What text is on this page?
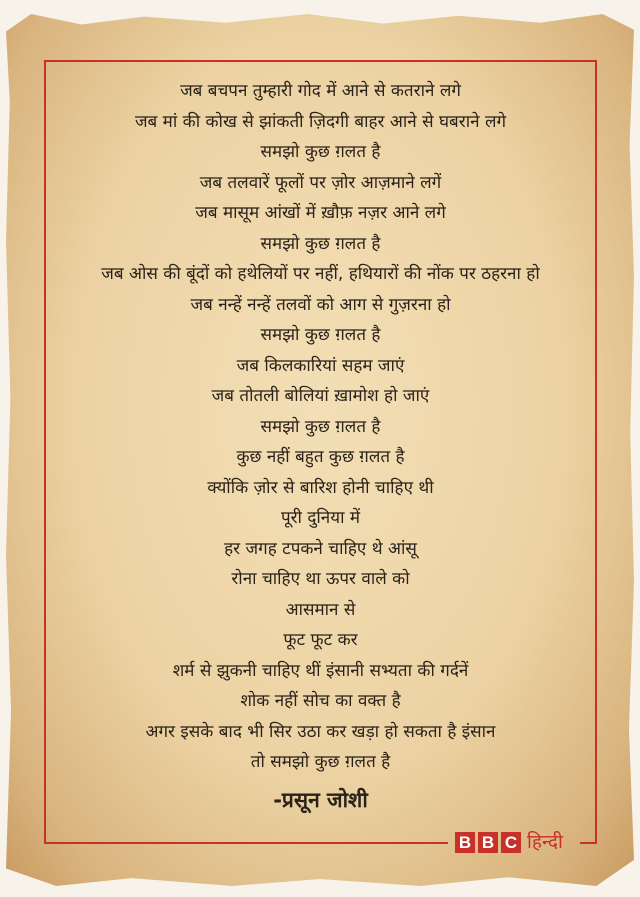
जब बचपन तुम्हारी गोद में आने से कतराने लगे
जब मां की कोख से झांकती ज़िदगी बाहर आने से घबराने लगे
समझो कुछ ग़लत है
जब तलवारें फूलों पर ज़ोर आज़माने लगें
जब मासूम आंखों में ख़ौफ़ नज़र आने लगे
समझो कुछ ग़लत है
जब ओस की बूंदों को हथेलियों पर नहीं, हथियारों की नोंक पर ठहरना हो
जब नन्हें नन्हें तलवों को आग से गुज़रना हो
समझो कुछ ग़लत है
जब किलकारियां सहम जाएं
जब तोतली बोलियां ख़ामोश हो जाएं
समझो कुछ ग़लत है
कुछ नहीं बहुत कुछ ग़लत है
क्योंकि ज़ोर से बारिश होनी चाहिए थी
पूरी दुनिया में
हर जगह टपकने चाहिए थे आंसू
रोना चाहिए था ऊपर वाले को
आसमान से
फूट फूट कर
शर्म से झुकनी चाहिए थीं इंसानी सभ्यता की गर्दनें
शोक नहीं सोच का वक्त है
अगर इसके बाद भी सिर उठा कर खड़ा हो सकता है इंसान
तो समझो कुछ ग़लत है
-प्रसून जोशी
B B C हिन्दी
